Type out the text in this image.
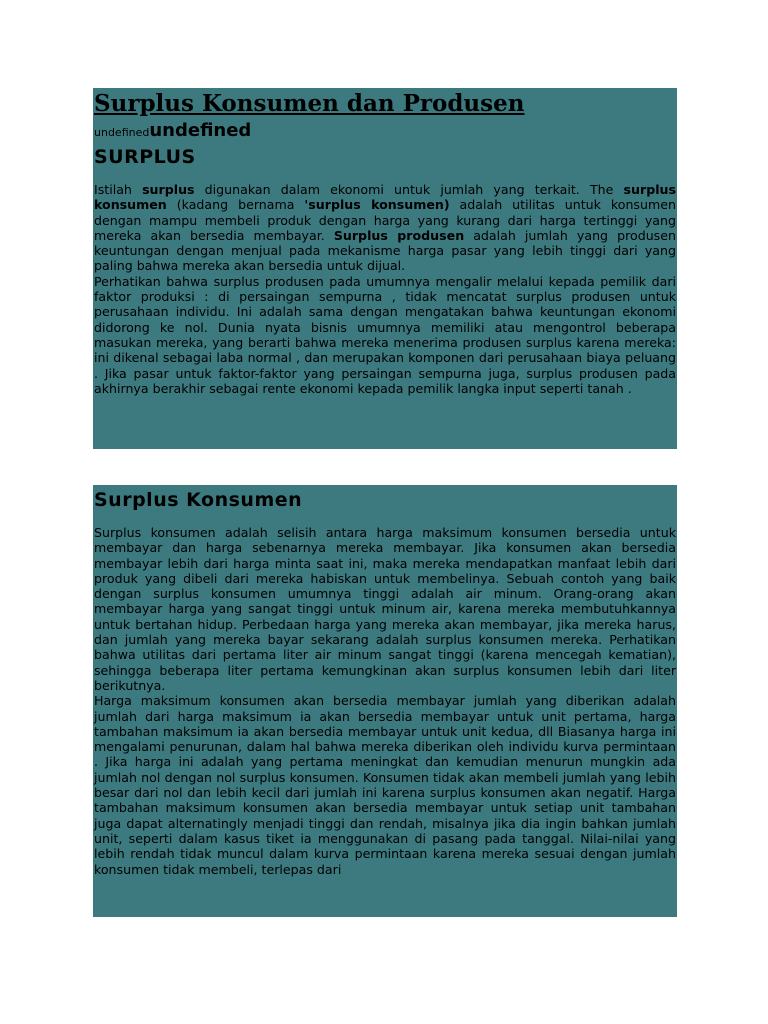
Surplus Konsumen dan Produsen
undefinedundefined
SURPLUS

Istilah surplus digunakan dalam ekonomi untuk jumlah yang terkait. The surplus konsumen (kadang bernama 'surplus konsumen) adalah utilitas untuk konsumen dengan mampu membeli produk dengan harga yang kurang dari harga tertinggi yang mereka akan bersedia membayar. Surplus produsen adalah jumlah yang produsen keuntungan dengan menjual pada mekanisme harga pasar yang lebih tinggi dari yang paling bahwa mereka akan bersedia untuk dijual.

Perhatikan bahwa surplus produsen pada umumnya mengalir melalui kepada pemilik dari faktor produksi : di persaingan sempurna , tidak mencatat surplus produsen untuk perusahaan individu. Ini adalah sama dengan mengatakan bahwa keuntungan ekonomi didorong ke nol. Dunia nyata bisnis umumnya memiliki atau mengontrol beberapa masukan mereka, yang berarti bahwa mereka menerima produsen surplus karena mereka: ini dikenal sebagai laba normal , dan merupakan komponen dari perusahaan biaya peluang . Jika pasar untuk faktor-faktor yang persaingan sempurna juga, surplus produsen pada akhirnya berakhir sebagai rente ekonomi kepada pemilik langka input seperti tanah .

Surplus Konsumen

Surplus konsumen adalah selisih antara harga maksimum konsumen bersedia untuk membayar dan harga sebenarnya mereka membayar. Jika konsumen akan bersedia membayar lebih dari harga minta saat ini, maka mereka mendapatkan manfaat lebih dari produk yang dibeli dari mereka habiskan untuk membelinya. Sebuah contoh yang baik dengan surplus konsumen umumnya tinggi adalah air minum. Orang-orang akan membayar harga yang sangat tinggi untuk minum air, karena mereka membutuhkannya untuk bertahan hidup. Perbedaan harga yang mereka akan membayar, jika mereka harus, dan jumlah yang mereka bayar sekarang adalah surplus konsumen mereka. Perhatikan bahwa utilitas dari pertama liter air minum sangat tinggi (karena mencegah kematian), sehingga beberapa liter pertama kemungkinan akan surplus konsumen lebih dari liter berikutnya.

Harga maksimum konsumen akan bersedia membayar jumlah yang diberikan adalah jumlah dari harga maksimum ia akan bersedia membayar untuk unit pertama, harga tambahan maksimum ia akan bersedia membayar untuk unit kedua, dll Biasanya harga ini mengalami penurunan, dalam hal bahwa mereka diberikan oleh individu kurva permintaan . Jika harga ini adalah yang pertama meningkat dan kemudian menurun mungkin ada jumlah nol dengan nol surplus konsumen. Konsumen tidak akan membeli jumlah yang lebih besar dari nol dan lebih kecil dari jumlah ini karena surplus konsumen akan negatif. Harga tambahan maksimum konsumen akan bersedia membayar untuk setiap unit tambahan juga dapat alternatingly menjadi tinggi dan rendah, misalnya jika dia ingin bahkan jumlah unit, seperti dalam kasus tiket ia menggunakan di pasang pada tanggal. Nilai-nilai yang lebih rendah tidak muncul dalam kurva permintaan karena mereka sesuai dengan jumlah konsumen tidak membeli, terlepas dari
